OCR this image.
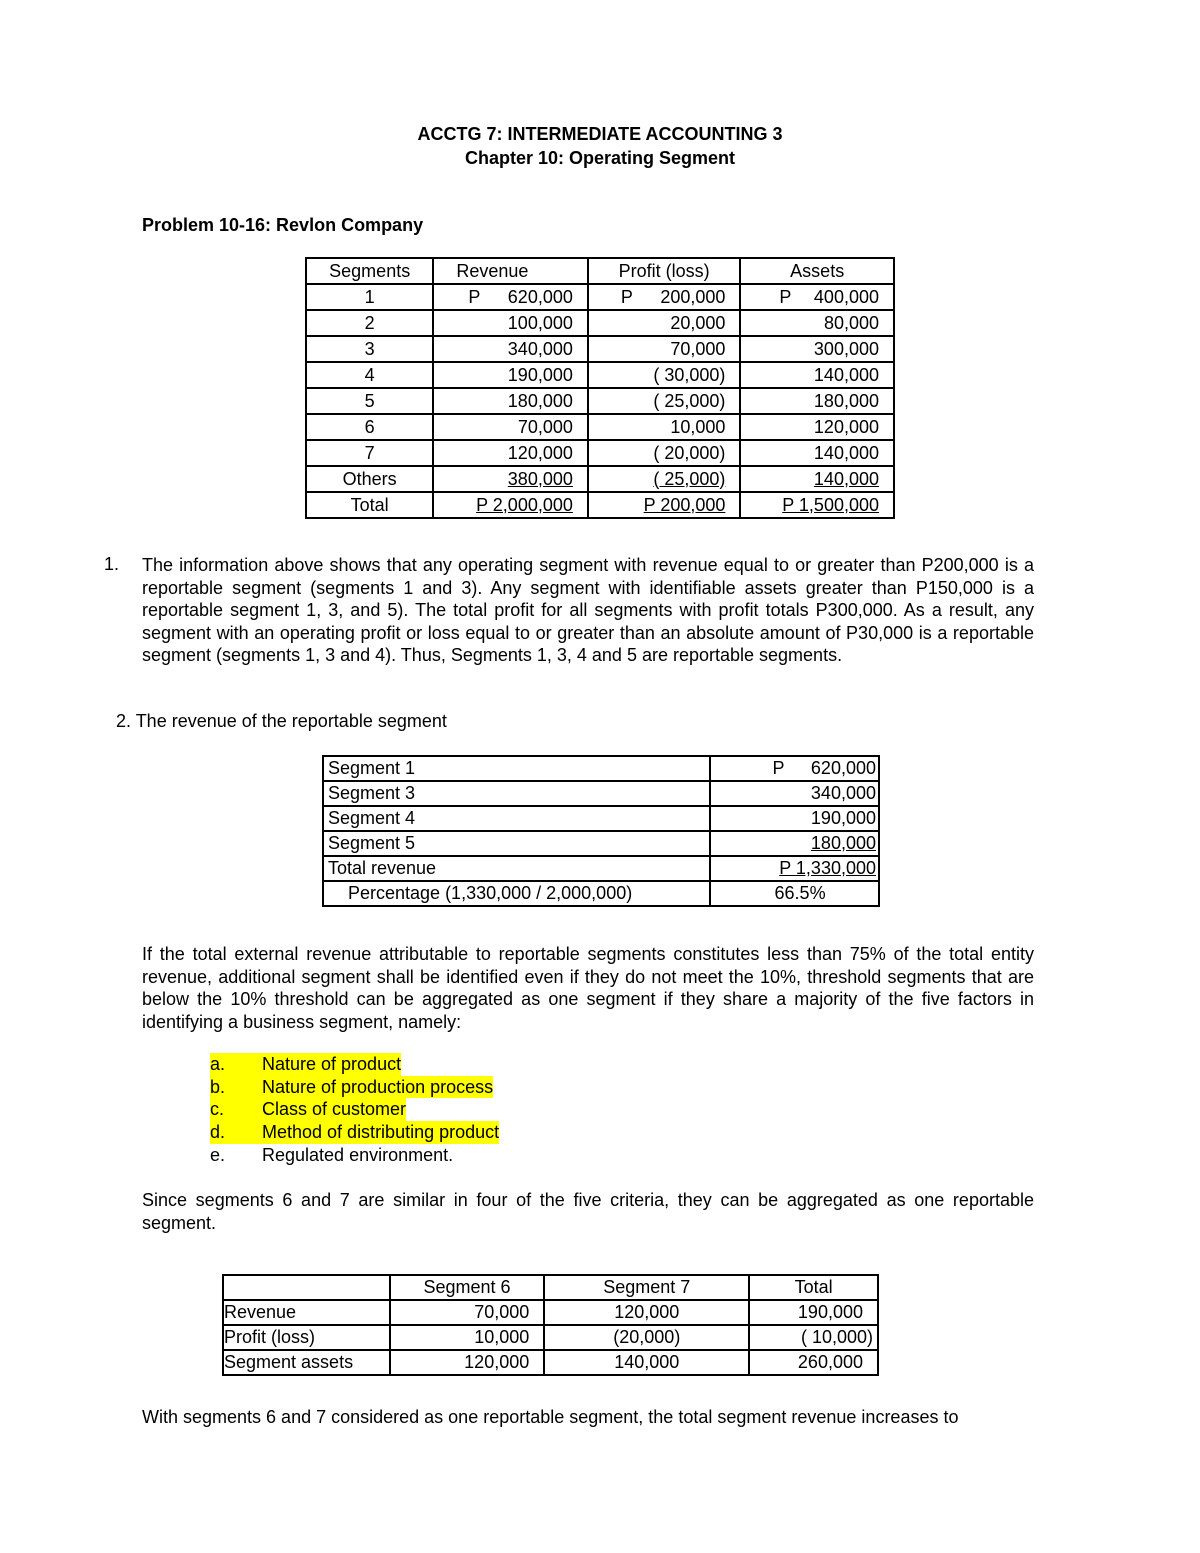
ACCTG 7: INTERMEDIATE ACCOUNTING 3
Chapter 10: Operating Segment
Problem 10-16: Revlon Company
Segments	Revenue	Profit (loss)	Assets
1	P 620,000	P 200,000	P 400,000

2	100,000	20,000	80,000
3	340,000	70,000	300,000
4	190,000	( 30,000)	140,000
5	180,000	( 25,000)	180,000
6	70,000	10,000	120,000
7	120,000	( 20,000)	140,000
Others	380,000	( 25,000)	140,000
Total	P 2,000,000	P 200,000	P 1,500,000
1. The information above shows that any operating segment with revenue equal to or greater than P200,000 is a reportable segment (segments 1 and 3). Any segment with identifiable assets greater than P150,000 is a reportable segment 1, 3, and 5). The total profit for all segments with profit totals P300,000. As a result, any segment with an operating profit or loss equal to or greater than an absolute amount of P30,000 is a reportable segment (segments 1, 3 and 4). Thus, Segments 1, 3, 4 and 5 are reportable segments.
2. The revenue of the reportable segment
Segment 1	P 620,000

Segment 3	340,000
Segment 4	190,000
Segment 5	180,000
Total revenue	P 1,330,000
Percentage (1,330,000 / 2,000,000)	66.5%
If the total external revenue attributable to reportable segments constitutes less than 75% of the total entity revenue, additional segment shall be identified even if they do not meet the 10%, threshold segments that are below the 10% threshold can be aggregated as one segment if they share a majority of the five factors in identifying a business segment, namely:
a.	Nature of product
b.	Nature of production process
c.	Class of customer
d.	Method of distributing product
e.	Regulated environment.
Since segments 6 and 7 are similar in four of the five criteria, they can be aggregated as one reportable segment.
	Segment 6	Segment 7	Total
Revenue	70,000	120,000	190,000
Profit (loss)	10,000	(20,000)	( 10,000)
Segment assets	120,000	140,000	260,000
With segments 6 and 7 considered as one reportable segment, the total segment revenue increases to
